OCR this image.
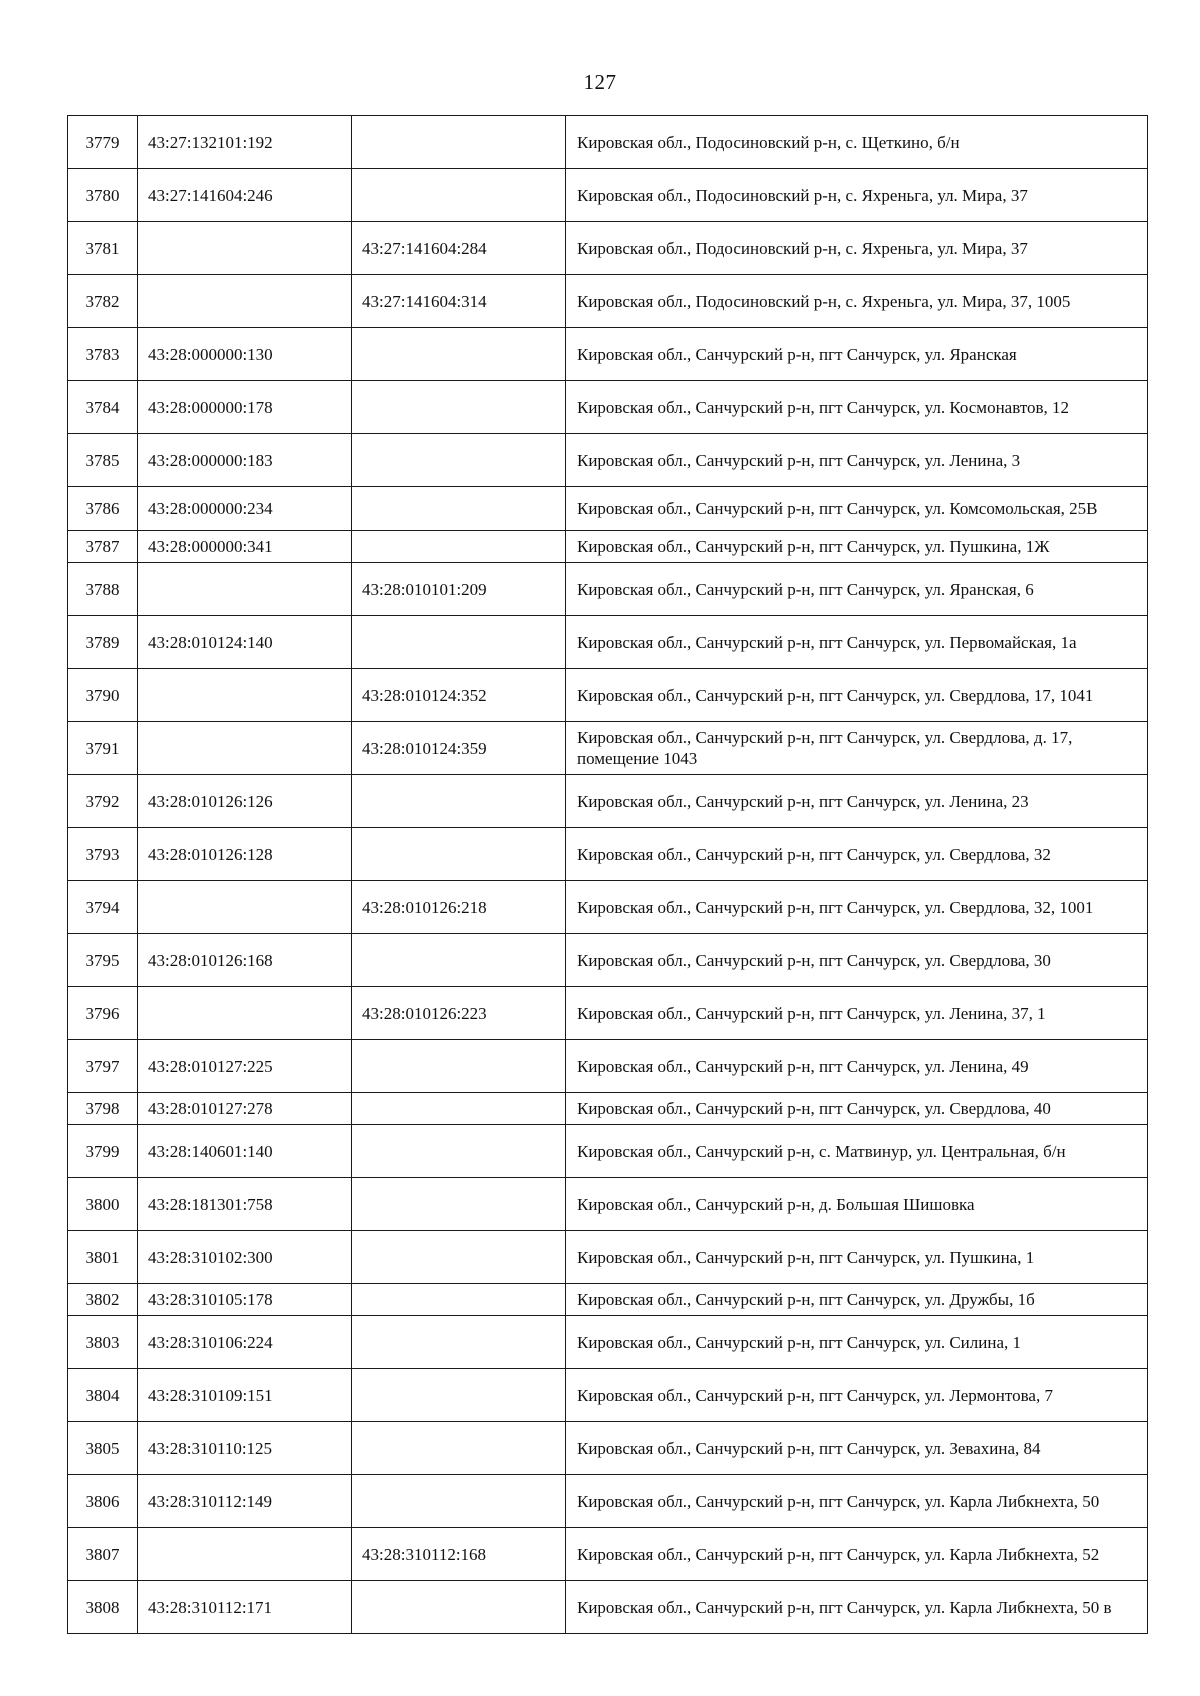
127
3779	43:27:132101:192		Кировская обл., Подосиновский р-н, с. Щеткино, б/н
3780	43:27:141604:246		Кировская обл., Подосиновский р-н, с. Яхреньга, ул. Мира, 37
3781		43:27:141604:284	Кировская обл., Подосиновский р-н, с. Яхреньга, ул. Мира, 37
3782		43:27:141604:314	Кировская обл., Подосиновский р-н, с. Яхреньга, ул. Мира, 37, 1005
3783	43:28:000000:130		Кировская обл., Санчурский р-н, пгт Санчурск, ул. Яранская
3784	43:28:000000:178		Кировская обл., Санчурский р-н, пгт Санчурск, ул. Космонавтов, 12
3785	43:28:000000:183		Кировская обл., Санчурский р-н, пгт Санчурск, ул. Ленина, 3
3786	43:28:000000:234		Кировская обл., Санчурский р-н, пгт Санчурск, ул. Комсомольская, 25В
3787	43:28:000000:341		Кировская обл., Санчурский р-н, пгт Санчурск, ул. Пушкина, 1Ж
3788		43:28:010101:209	Кировская обл., Санчурский р-н, пгт Санчурск, ул. Яранская, 6
3789	43:28:010124:140		Кировская обл., Санчурский р-н, пгт Санчурск, ул. Первомайская, 1а
3790		43:28:010124:352	Кировская обл., Санчурский р-н, пгт Санчурск, ул. Свердлова, 17, 1041
3791		43:28:010124:359	Кировская обл., Санчурский р-н, пгт Санчурск, ул. Свердлова, д. 17, помещение 1043
3792	43:28:010126:126		Кировская обл., Санчурский р-н, пгт Санчурск, ул. Ленина, 23
3793	43:28:010126:128		Кировская обл., Санчурский р-н, пгт Санчурск, ул. Свердлова, 32
3794		43:28:010126:218	Кировская обл., Санчурский р-н, пгт Санчурск, ул. Свердлова, 32, 1001
3795	43:28:010126:168		Кировская обл., Санчурский р-н, пгт Санчурск, ул. Свердлова, 30
3796		43:28:010126:223	Кировская обл., Санчурский р-н, пгт Санчурск, ул. Ленина, 37, 1
3797	43:28:010127:225		Кировская обл., Санчурский р-н, пгт Санчурск, ул. Ленина, 49
3798	43:28:010127:278		Кировская обл., Санчурский р-н, пгт Санчурск, ул. Свердлова, 40
3799	43:28:140601:140		Кировская обл., Санчурский р-н, с. Матвинур, ул. Центральная, б/н
3800	43:28:181301:758		Кировская обл., Санчурский р-н, д. Большая Шишовка
3801	43:28:310102:300		Кировская обл., Санчурский р-н, пгт Санчурск, ул. Пушкина, 1
3802	43:28:310105:178		Кировская обл., Санчурский р-н, пгт Санчурск, ул. Дружбы, 1б
3803	43:28:310106:224		Кировская обл., Санчурский р-н, пгт Санчурск, ул. Силина, 1
3804	43:28:310109:151		Кировская обл., Санчурский р-н, пгт Санчурск, ул. Лермонтова, 7
3805	43:28:310110:125		Кировская обл., Санчурский р-н, пгт Санчурск, ул. Зевахина, 84
3806	43:28:310112:149		Кировская обл., Санчурский р-н, пгт Санчурск, ул. Карла Либкнехта, 50
3807		43:28:310112:168	Кировская обл., Санчурский р-н, пгт Санчурск, ул. Карла Либкнехта, 52
3808	43:28:310112:171		Кировская обл., Санчурский р-н, пгт Санчурск, ул. Карла Либкнехта, 50 в
